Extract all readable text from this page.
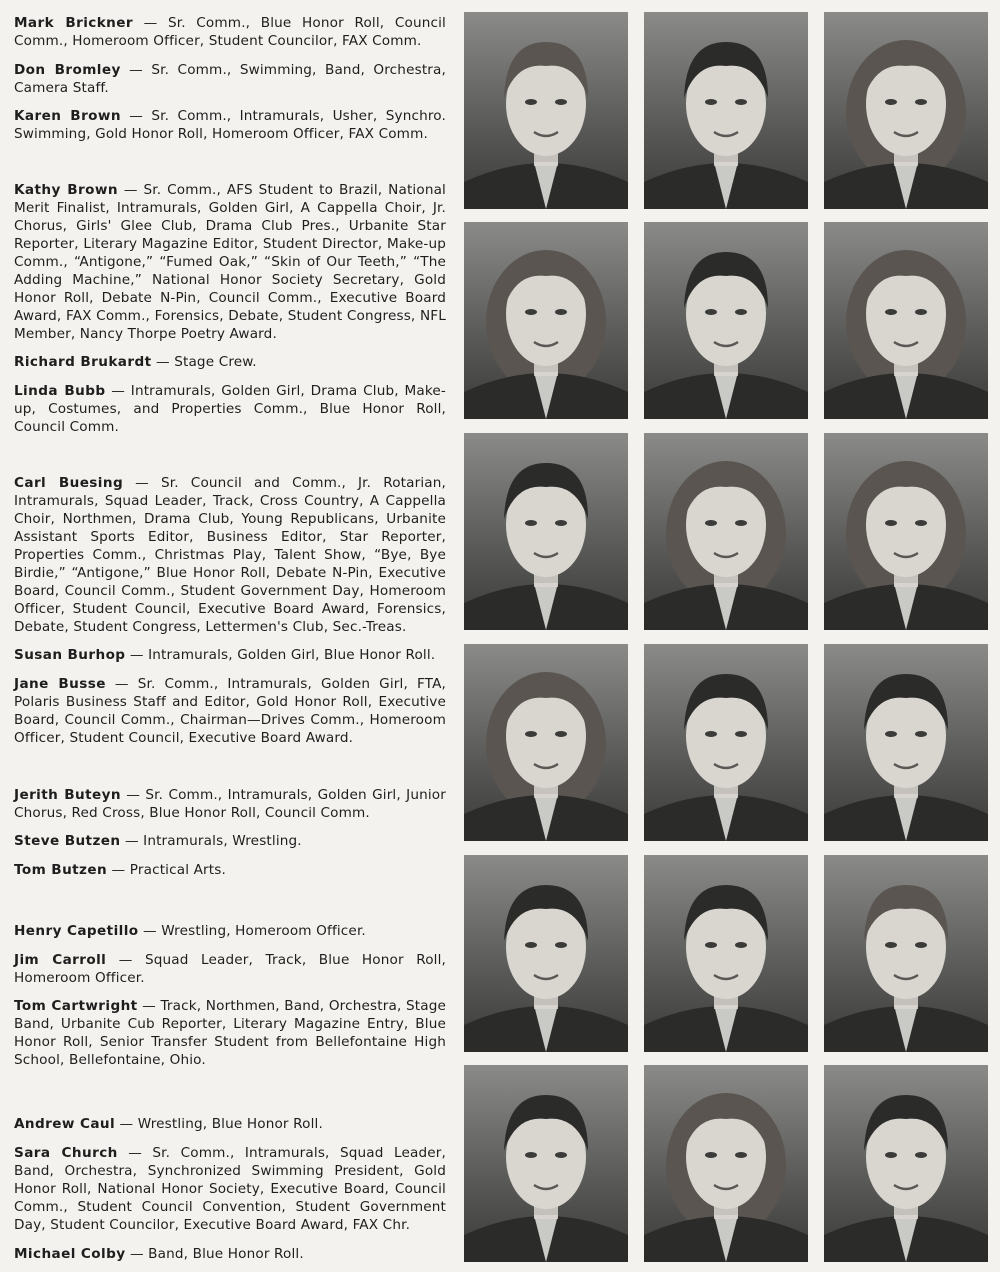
Mark Brickner — Sr. Comm., Blue Honor Roll, Council Comm., Homeroom Officer, Student Councilor, FAX Comm.
Don Bromley — Sr. Comm., Swimming, Band, Orchestra, Camera Staff.
Karen Brown — Sr. Comm., Intramurals, Usher, Synchro. Swimming, Gold Honor Roll, Homeroom Officer, FAX Comm.
Kathy Brown — Sr. Comm., AFS Student to Brazil, National Merit Finalist, Intramurals, Golden Girl, A Cappella Choir, Jr. Chorus, Girls' Glee Club, Drama Club Pres., Urbanite Star Reporter, Literary Magazine Editor, Student Director, Make-up Comm., “Antigone,” “Fumed Oak,” “Skin of Our Teeth,” “The Adding Machine,” National Honor Society Secretary, Gold Honor Roll, Debate N-Pin, Council Comm., Executive Board Award, FAX Comm., Forensics, Debate, Student Congress, NFL Member, Nancy Thorpe Poetry Award.
Richard Brukardt — Stage Crew.
Linda Bubb — Intramurals, Golden Girl, Drama Club, Make-up, Costumes, and Properties Comm., Blue Honor Roll, Council Comm.
Carl Buesing — Sr. Council and Comm., Jr. Rotarian, Intramurals, Squad Leader, Track, Cross Country, A Cappella Choir, Northmen, Drama Club, Young Republicans, Urbanite Assistant Sports Editor, Business Editor, Star Reporter, Properties Comm., Christmas Play, Talent Show, “Bye, Bye Birdie,” “Antigone,” Blue Honor Roll, Debate N-Pin, Executive Board, Council Comm., Student Government Day, Homeroom Officer, Student Council, Executive Board Award, Forensics, Debate, Student Congress, Lettermen's Club, Sec.-Treas.
Susan Burhop — Intramurals, Golden Girl, Blue Honor Roll.
Jane Busse — Sr. Comm., Intramurals, Golden Girl, FTA, Polaris Business Staff and Editor, Gold Honor Roll, Executive Board, Council Comm., Chairman—Drives Comm., Homeroom Officer, Student Council, Executive Board Award.
Jerith Buteyn — Sr. Comm., Intramurals, Golden Girl, Junior Chorus, Red Cross, Blue Honor Roll, Council Comm.
Steve Butzen — Intramurals, Wrestling.
Tom Butzen — Practical Arts.
Henry Capetillo — Wrestling, Homeroom Officer.
Jim Carroll — Squad Leader, Track, Blue Honor Roll, Homeroom Officer.
Tom Cartwright — Track, Northmen, Band, Orchestra, Stage Band, Urbanite Cub Reporter, Literary Magazine Entry, Blue Honor Roll, Senior Transfer Student from Bellefontaine High School, Bellefontaine, Ohio.
Andrew Caul — Wrestling, Blue Honor Roll.
Sara Church — Sr. Comm., Intramurals, Squad Leader, Band, Orchestra, Synchronized Swimming President, Gold Honor Roll, National Honor Society, Executive Board, Council Comm., Student Council Convention, Student Government Day, Student Councilor, Executive Board Award, FAX Chr.
Michael Colby — Band, Blue Honor Roll.
